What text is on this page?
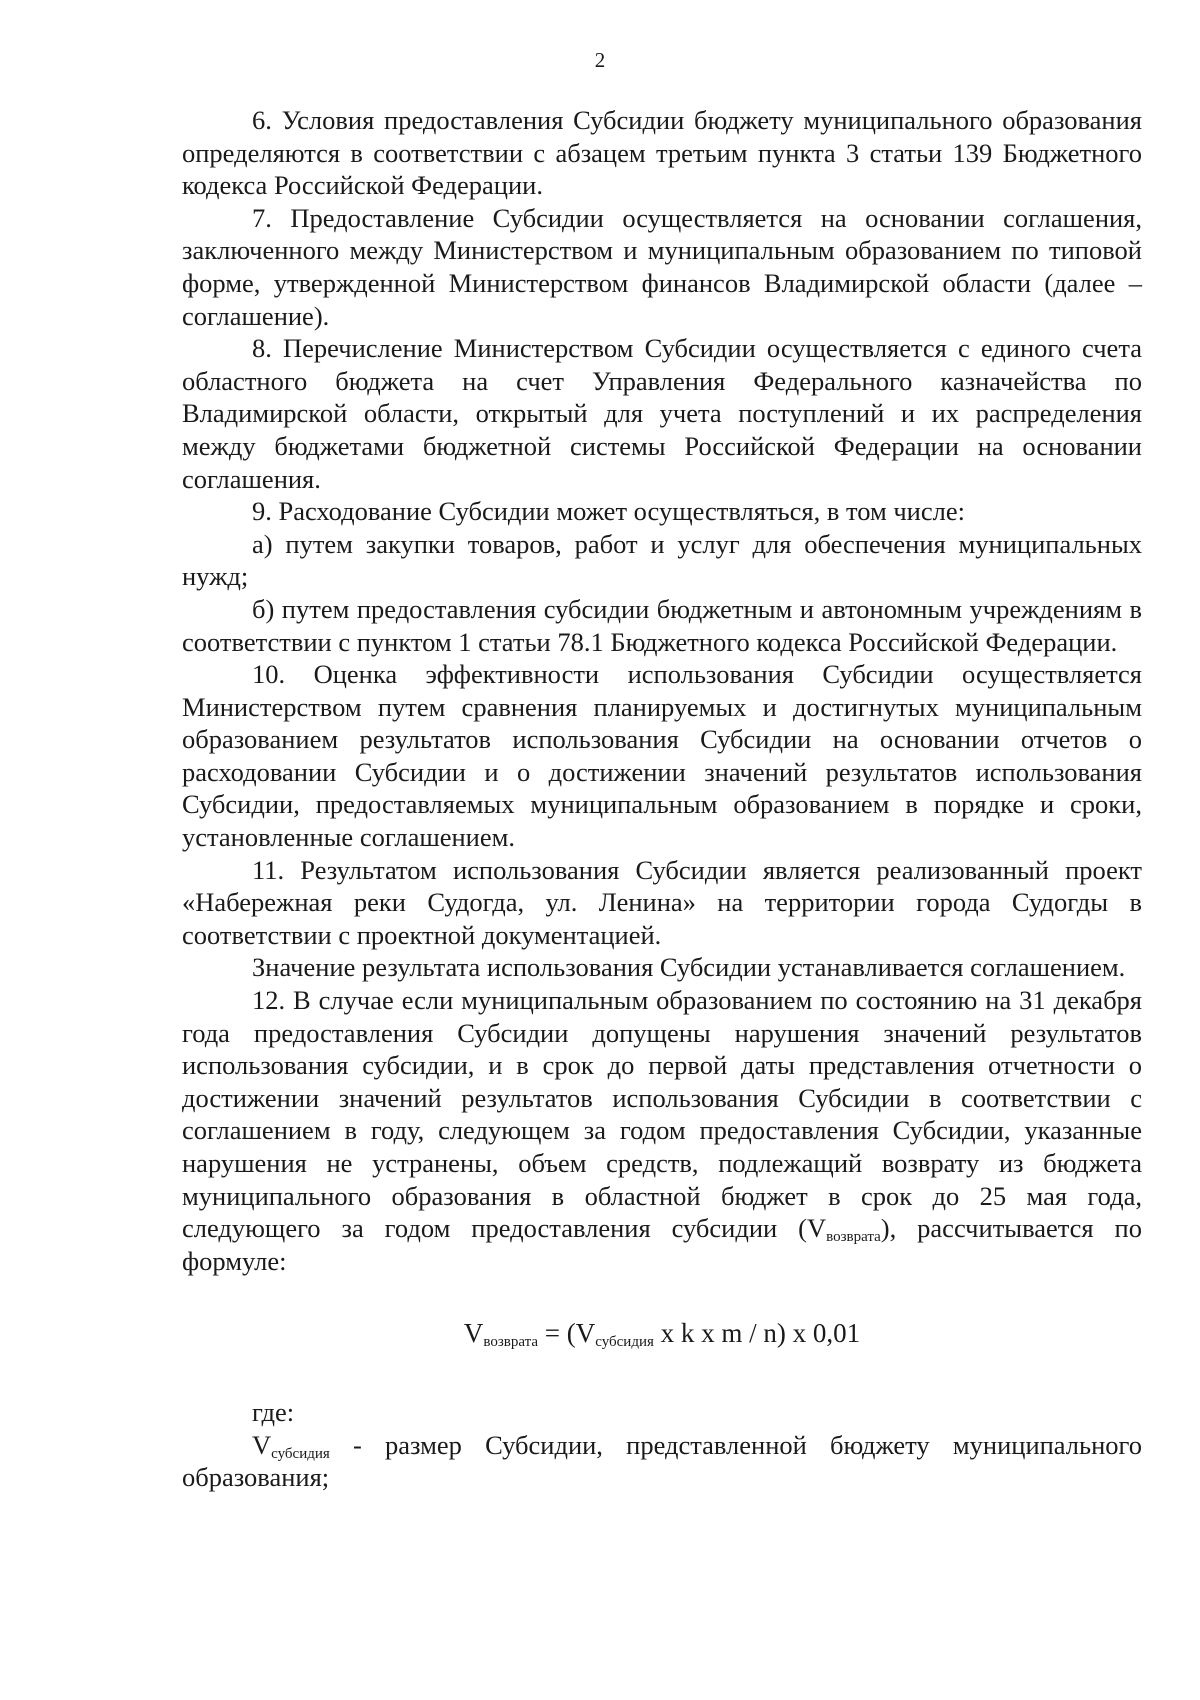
2

6. Условия предоставления Субсидии бюджету муниципального образования определяются в соответствии с абзацем третьим пункта 3 статьи 139 Бюджетного кодекса Российской Федерации.

7. Предоставление Субсидии осуществляется на основании соглашения, заключенного между Министерством и муниципальным образованием по типовой форме, утвержденной Министерством финансов Владимирской области (далее – соглашение).

8. Перечисление Министерством Субсидии осуществляется с единого счета областного бюджета на счет Управления Федерального казначейства по Владимирской области, открытый для учета поступлений и их распределения между бюджетами бюджетной системы Российской Федерации на основании соглашения.

9. Расходование Субсидии может осуществляться, в том числе:

а) путем закупки товаров, работ и услуг для обеспечения муниципальных нужд;

б) путем предоставления субсидии бюджетным и автономным учреждениям в соответствии с пунктом 1 статьи 78.1 Бюджетного кодекса Российской Федерации.

10. Оценка эффективности использования Субсидии осуществляется Министерством путем сравнения планируемых и достигнутых муниципальным образованием результатов использования Субсидии на основании отчетов о расходовании Субсидии и о достижении значений результатов использования Субсидии, предоставляемых муниципальным образованием в порядке и сроки, установленные соглашением.

11. Результатом использования Субсидии является реализованный проект «Набережная реки Судогда, ул. Ленина» на территории города Судогды в соответствии с проектной документацией.

Значение результата использования Субсидии устанавливается соглашением.

12. В случае если муниципальным образованием по состоянию на 31 декабря года предоставления Субсидии допущены нарушения значений результатов использования субсидии, и в срок до первой даты представления отчетности о достижении значений результатов использования Субсидии в соответствии с соглашением в году, следующем за годом предоставления Субсидии, указанные нарушения не устранены, объем средств, подлежащий возврату из бюджета муниципального образования в областной бюджет в срок до 25 мая года, следующего за годом предоставления субсидии $(V_{возврата})$, рассчитывается по формуле:

$V_{возврата} = (V_{субсидия}$ x k x m / n) x 0,01

где:

$V_{субсидия}$ - размер Субсидии, представленной бюджету муниципального образования;
